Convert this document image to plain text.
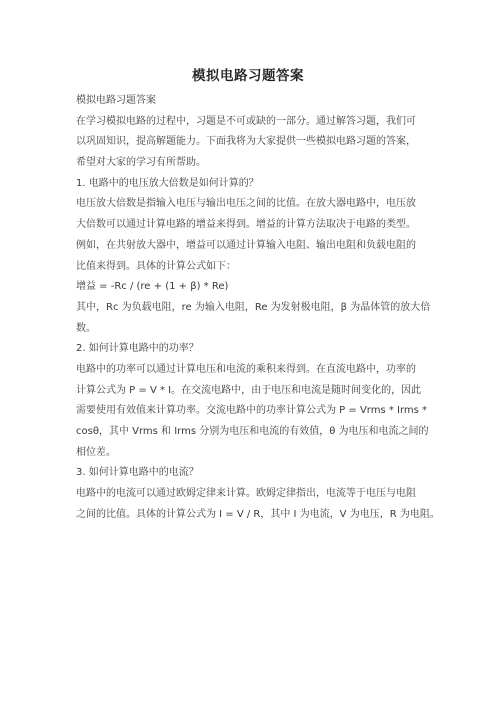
模拟电路习题答案
模拟电路习题答案
在学习模拟电路的过程中，习题是不可或缺的一部分。通过解答习题，我们可
以巩固知识，提高解题能力。下面我将为大家提供一些模拟电路习题的答案，
希望对大家的学习有所帮助。
1. 电路中的电压放大倍数是如何计算的？
电压放大倍数是指输入电压与输出电压之间的比值。在放大器电路中，电压放
大倍数可以通过计算电路的增益来得到。增益的计算方法取决于电路的类型。
例如，在共射放大器中，增益可以通过计算输入电阻、输出电阻和负载电阻的
比值来得到。具体的计算公式如下：
增益 = -Rc / (re + (1 + β) * Re)
其中，Rc 为负载电阻，re 为输入电阻，Re 为发射极电阻，β 为晶体管的放大倍
数。
2. 如何计算电路中的功率？
电路中的功率可以通过计算电压和电流的乘积来得到。在直流电路中，功率的
计算公式为 P = V * I。在交流电路中，由于电压和电流是随时间变化的，因此
需要使用有效值来计算功率。交流电路中的功率计算公式为 P = Vrms * Irms *
cosθ，其中 Vrms 和 Irms 分别为电压和电流的有效值，θ 为电压和电流之间的
相位差。
3. 如何计算电路中的电流？
电路中的电流可以通过欧姆定律来计算。欧姆定律指出，电流等于电压与电阻
之间的比值。具体的计算公式为 I = V / R，其中 I 为电流，V 为电压，R 为电阻。
